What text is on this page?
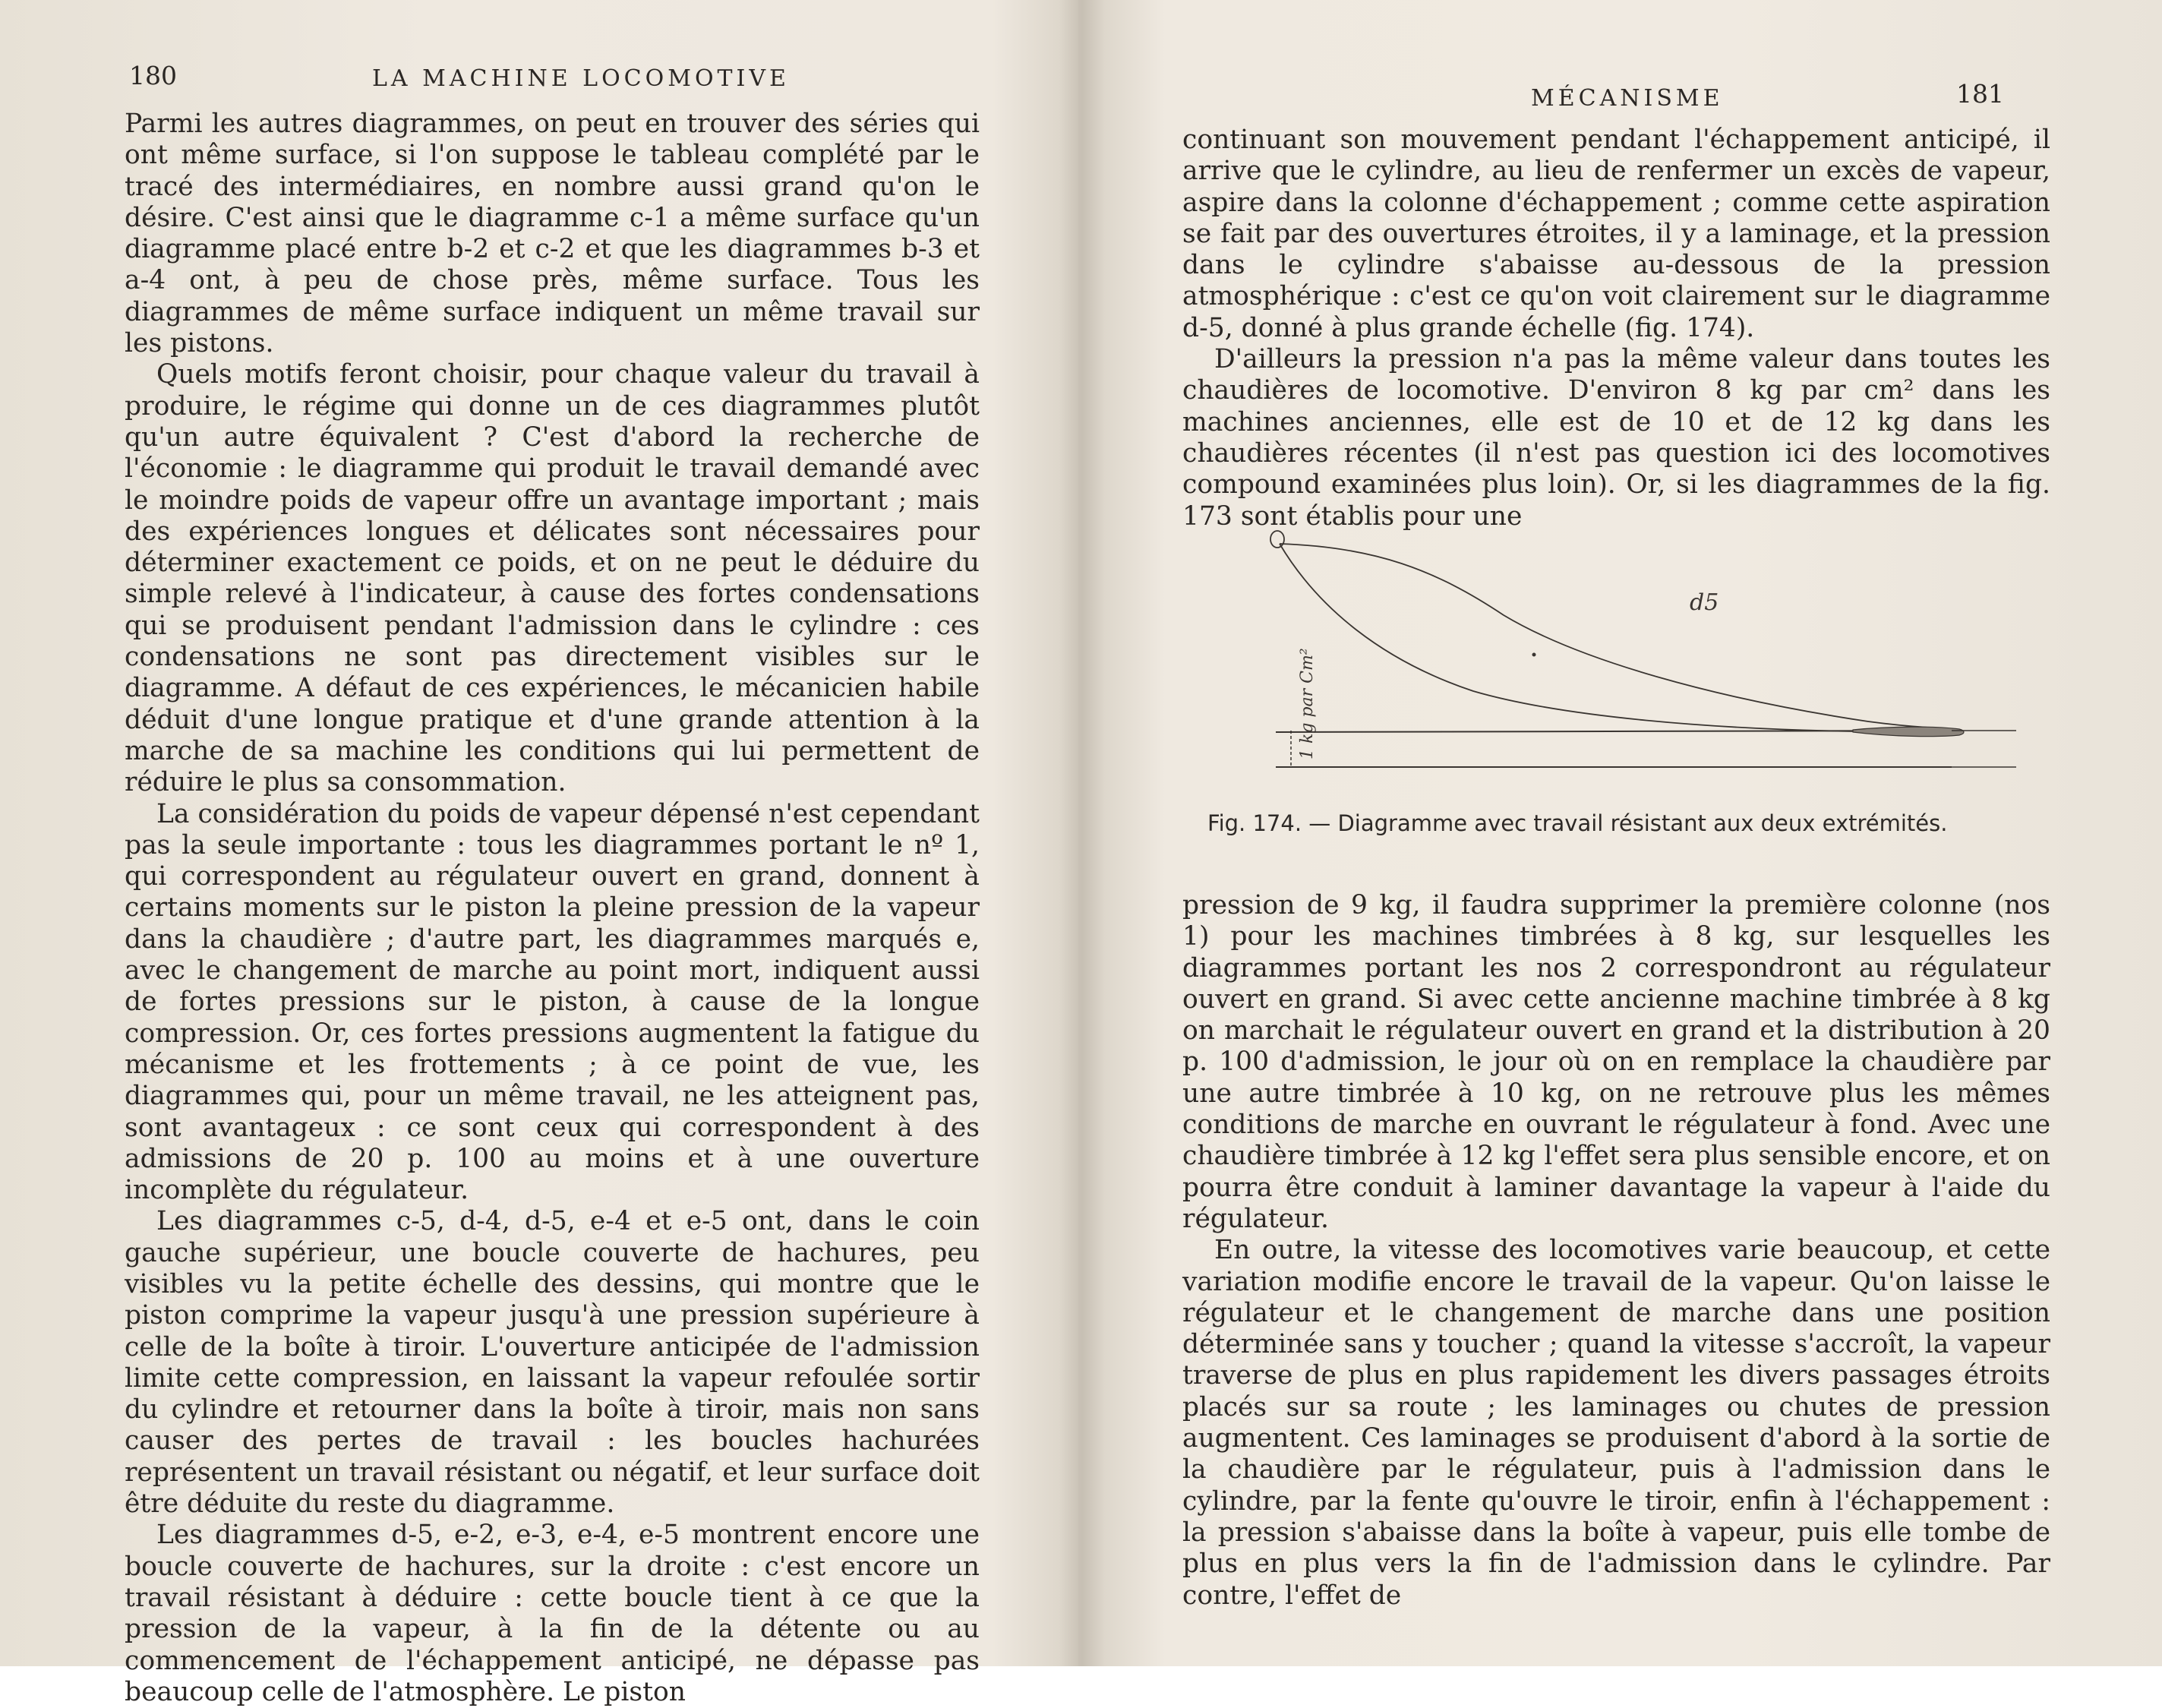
180	LA MACHINE LOCOMOTIVE

Parmi les autres diagrammes, on peut en trouver des séries qui ont même surface, si l'on suppose le tableau complété par le tracé des intermédiaires, en nombre aussi grand qu'on le désire. C'est ainsi que le diagramme c-1 a même surface qu'un diagramme placé entre b-2 et c-2 et que les diagrammes b-3 et a-4 ont, à peu de chose près, même surface. Tous les diagrammes de même surface indiquent un même travail sur les pistons.

Quels motifs feront choisir, pour chaque valeur du travail à produire, le régime qui donne un de ces diagrammes plutôt qu'un autre équivalent ? C'est d'abord la recherche de l'économie : le diagramme qui produit le travail demandé avec le moindre poids de vapeur offre un avantage important ; mais des expériences longues et délicates sont nécessaires pour déterminer exactement ce poids, et on ne peut le déduire du simple relevé à l'indicateur, à cause des fortes condensations qui se produisent pendant l'admission dans le cylindre : ces condensations ne sont pas directement visibles sur le diagramme. A défaut de ces expériences, le mécanicien habile déduit d'une longue pratique et d'une grande attention à la marche de sa machine les conditions qui lui permettent de réduire le plus sa consommation.

La considération du poids de vapeur dépensé n'est cependant pas la seule importante : tous les diagrammes portant le nº 1, qui correspondent au régulateur ouvert en grand, donnent à certains moments sur le piston la pleine pression de la vapeur dans la chaudière ; d'autre part, les diagrammes marqués e, avec le changement de marche au point mort, indiquent aussi de fortes pressions sur le piston, à cause de la longue compression. Or, ces fortes pressions augmentent la fatigue du mécanisme et les frottements ; à ce point de vue, les diagrammes qui, pour un même travail, ne les atteignent pas, sont avantageux : ce sont ceux qui correspondent à des admissions de 20 p. 100 au moins et à une ouverture incomplète du régulateur.

Les diagrammes c-5, d-4, d-5, e-4 et e-5 ont, dans le coin gauche supérieur, une boucle couverte de hachures, peu visibles vu la petite échelle des dessins, qui montre que le piston comprime la vapeur jusqu'à une pression supérieure à celle de la boîte à tiroir. L'ouverture anticipée de l'admission limite cette compression, en laissant la vapeur refoulée sortir du cylindre et retourner dans la boîte à tiroir, mais non sans causer des pertes de travail : les boucles hachurées représentent un travail résistant ou négatif, et leur surface doit être déduite du reste du diagramme.

Les diagrammes d-5, e-2, e-3, e-4, e-5 montrent encore une boucle couverte de hachures, sur la droite : c'est encore un travail résistant à déduire : cette boucle tient à ce que la pression de la vapeur, à la fin de la détente ou au commencement de l'échappement anticipé, ne dépasse pas beaucoup celle de l'atmosphère. Le piston

MÉCANISME	181

continuant son mouvement pendant l'échappement anticipé, il arrive que le cylindre, au lieu de renfermer un excès de vapeur, aspire dans la colonne d'échappement ; comme cette aspiration se fait par des ouvertures étroites, il y a laminage, et la pression dans le cylindre s'abaisse au-dessous de la pression atmosphérique : c'est ce qu'on voit clairement sur le diagramme d-5, donné à plus grande échelle (fig. 174).

D'ailleurs la pression n'a pas la même valeur dans toutes les chaudières de locomotive. D'environ 8 kg par cm² dans les machines anciennes, elle est de 10 et de 12 kg dans les chaudières récentes (il n'est pas question ici des locomotives compound examinées plus loin). Or, si les diagrammes de la fig. 173 sont établis pour une

d5
1 kg par Cm²
Fig. 174. — Diagramme avec travail résistant aux deux extrémités.

pression de 9 kg, il faudra supprimer la première colonne (nos 1) pour les machines timbrées à 8 kg, sur lesquelles les diagrammes portant les nos 2 correspondront au régulateur ouvert en grand. Si avec cette ancienne machine timbrée à 8 kg on marchait le régulateur ouvert en grand et la distribution à 20 p. 100 d'admission, le jour où on en remplace la chaudière par une autre timbrée à 10 kg, on ne retrouve plus les mêmes conditions de marche en ouvrant le régulateur à fond. Avec une chaudière timbrée à 12 kg l'effet sera plus sensible encore, et on pourra être conduit à laminer davantage la vapeur à l'aide du régulateur.

En outre, la vitesse des locomotives varie beaucoup, et cette variation modifie encore le travail de la vapeur. Qu'on laisse le régulateur et le changement de marche dans une position déterminée sans y toucher ; quand la vitesse s'accroît, la vapeur traverse de plus en plus rapidement les divers passages étroits placés sur sa route ; les laminages ou chutes de pression augmentent. Ces laminages se produisent d'abord à la sortie de la chaudière par le régulateur, puis à l'admission dans le cylindre, par la fente qu'ouvre le tiroir, enfin à l'échappement : la pression s'abaisse dans la boîte à vapeur, puis elle tombe de plus en plus vers la fin de l'admission dans le cylindre. Par contre, l'effet de
